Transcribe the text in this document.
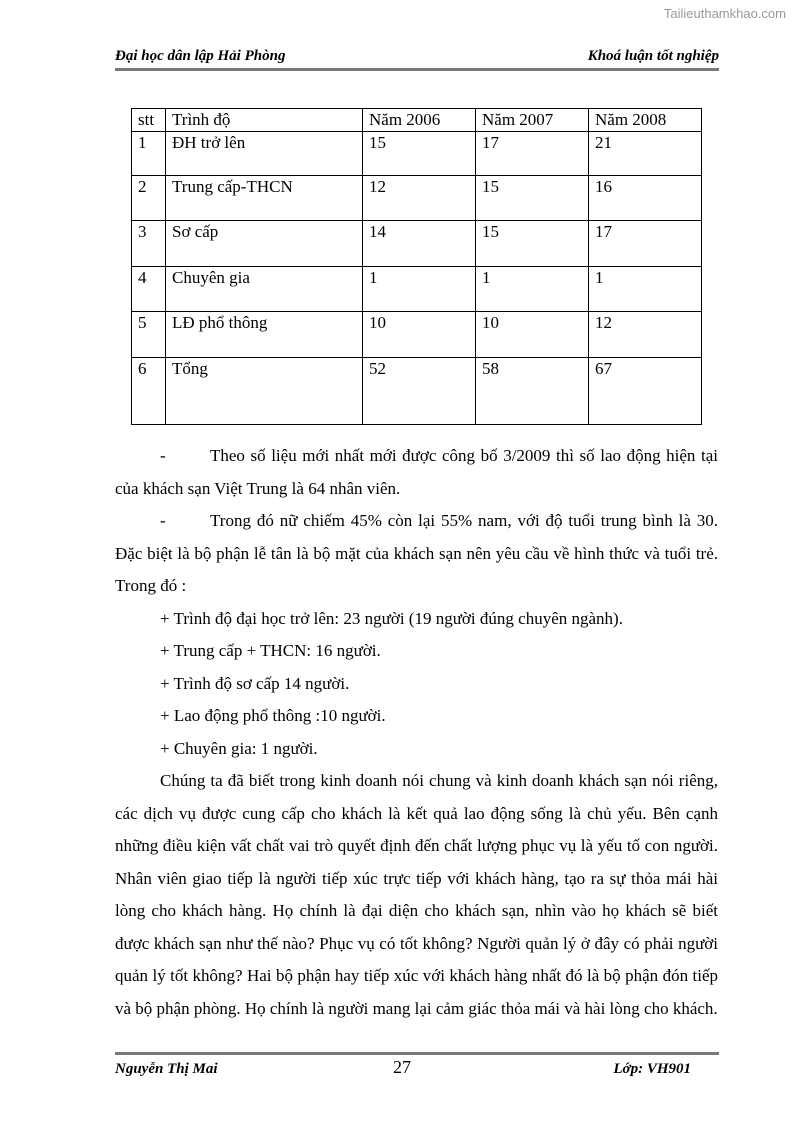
Tailieuthamkhao.com
Đại học dân lập Hải Phòng	Khoá luận tốt nghiệp
stt	Trình độ	Năm 2006	Năm 2007	Năm 2008
1	ĐH trở lên	15	17	21
2	Trung cấp-THCN	12	15	16
3	Sơ cấp	14	15	17
4	Chuyên gia	1	1	1
5	LĐ phổ thông	10	10	12
6	Tổng	52	58	67

-	Theo số liệu mới nhất mới được công bố 3/2009 thì số lao động hiện tại của khách sạn Việt Trung là 64 nhân viên.

-	Trong đó nữ chiếm 45% còn lại 55% nam, với độ tuổi trung bình là 30. Đặc biệt là bộ phận lễ tân là bộ mặt của khách sạn nên yêu cầu về hình thức và tuổi trẻ. Trong đó :

+ Trình độ đại học trở lên: 23 người (19 người đúng chuyên ngành).

+ Trung cấp + THCN: 16 người.

+ Trình độ sơ cấp 14 người.

+ Lao động phổ thông :10 người.

+ Chuyên gia: 1 người.

Chúng ta đã biết trong kinh doanh nói chung và kinh doanh khách sạn nói riêng, các dịch vụ được cung cấp cho khách là kết quả lao động sống là chủ yếu. Bên cạnh những điều kiện vất chất vai trò quyết định đến chất lượng phục vụ là yếu tố con người. Nhân viên giao tiếp là người tiếp xúc trực tiếp với khách hàng, tạo ra sự thỏa mái hài lòng cho khách hàng. Họ chính là đại diện cho khách sạn, nhìn vào họ khách sẽ biết được khách sạn như thế nào? Phục vụ có tốt không? Người quản lý ở đây có phải người quản lý tốt không? Hai bộ phận hay tiếp xúc với khách hàng nhất đó là bộ phận đón tiếp và bộ phận phòng. Họ chính là người mang lại cảm giác thỏa mái và hài lòng cho khách.

Nguyễn Thị Mai	27	Lớp: VH901
